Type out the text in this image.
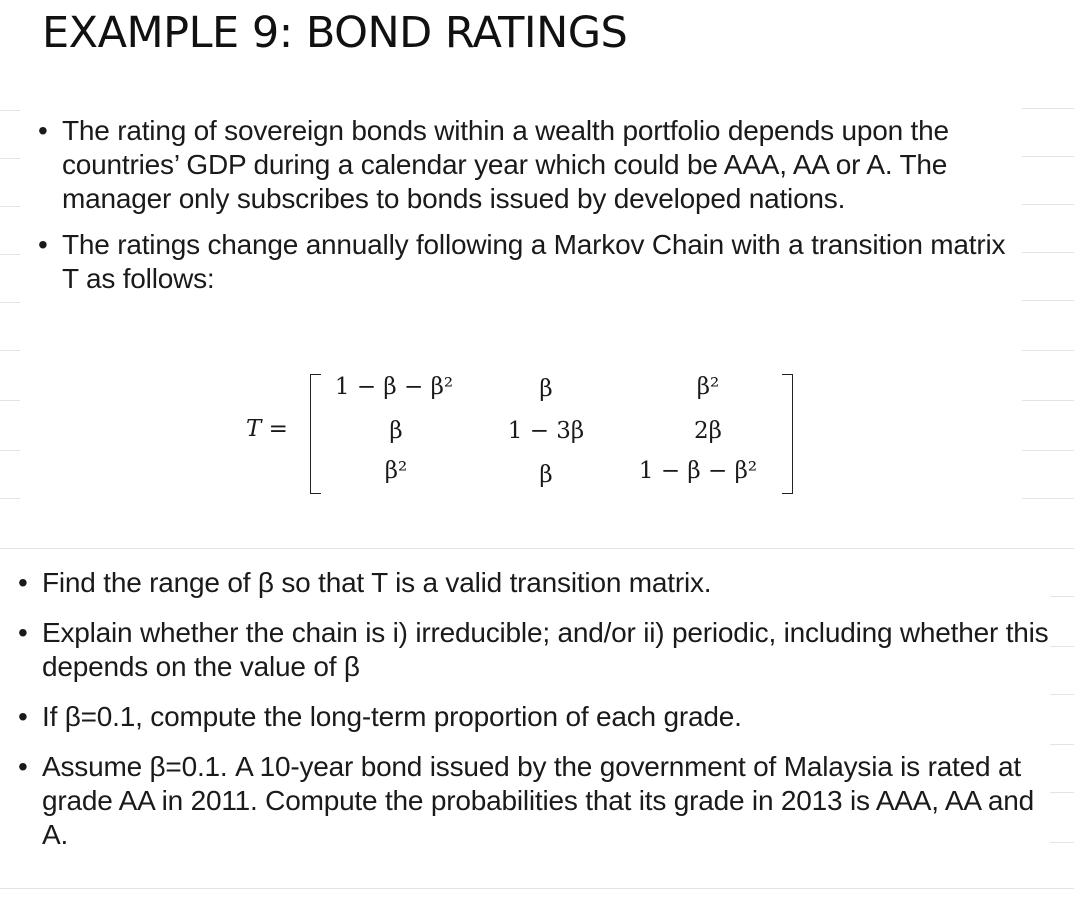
EXAMPLE 9: BOND RATINGS
• The rating of sovereign bonds within a wealth portfolio depends upon the countries’ GDP during a calendar year which could be AAA, AA or A. The manager only subscribes to bonds issued by developed nations.
• The ratings change annually following a Markov Chain with a transition matrix T as follows:
T =
1 − β − β²	β	β²
β	1 − 3β	2β
β²	β	1 − β − β²
• Find the range of β so that T is a valid transition matrix.
• Explain whether the chain is i) irreducible; and/or ii) periodic, including whether this depends on the value of β
• If β=0.1, compute the long-term proportion of each grade.
• Assume β=0.1. A 10-year bond issued by the government of Malaysia is rated at grade AA in 2011. Compute the probabilities that its grade in 2013 is AAA, AA and A.
